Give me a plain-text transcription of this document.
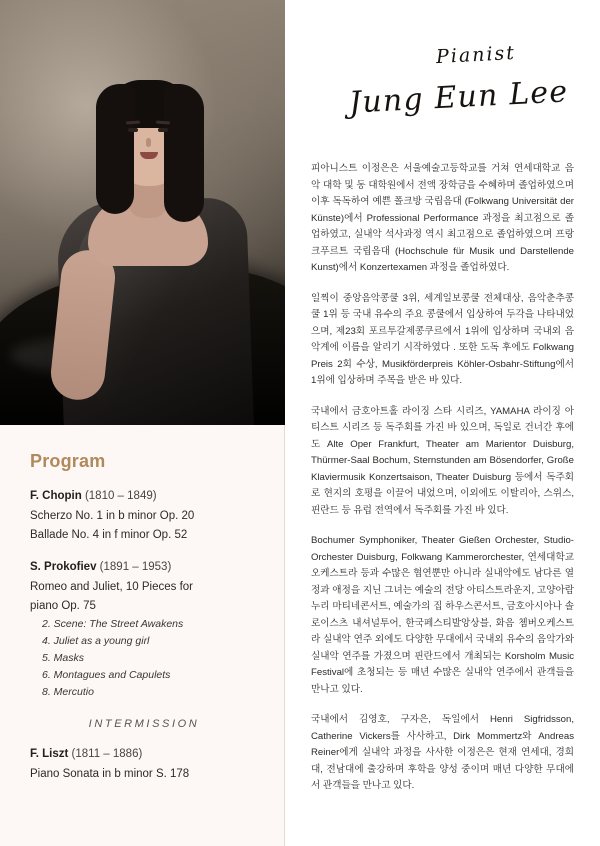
Program
F. Chopin (1810 – 1849)
Scherzo No. 1 in b minor Op. 20
Ballade No. 4 in f minor Op. 52
S. Prokofiev (1891 – 1953)
Romeo and Juliet, 10 Pieces for
piano Op. 75
2. Scene: The Street Awakens
4. Juliet as a young girl
5. Masks
6. Montagues and Capulets
8. Mercutio
INTERMISSION
F. Liszt (1811 – 1886)
Piano Sonata in b minor S. 178
Pianist
Jung Eun Lee

피아니스트 이정은은 서울예술고등학교를 거쳐 연세대학교 음악 대학 및 동 대학원에서 전액 장학금을 수혜하며 졸업하였으며 이후 독독하여 예쁜 폴크방 국립음대 (Folkwang Universität der Künste)에서 Professional Performance 과정을 최고점으로 졸업하였고, 실내악 석사과정 역시 최고점으로 졸업하였으며 프랑크푸르트 국립음대 (Hochschule für Musik und Darstellende Kunst)에서 Konzertexamen 과정을 졸업하였다.

일찍이 중앙음악콩쿨 3위, 세계일보콩쿨 전체대상, 음악춘추콩쿨 1위 등 국내 유수의 주요 콩쿨에서 입상하여 두각을 나타내었으며, 제23회 포르투갈제콩쿠르에서 1위에 입상하며 국내외 음악계에 이름을 알리기 시작하였다 . 또한 도독 후에도 Folkwang Preis 2회 수상, Musikförderpreis Köhler-Osbahr-Stiftung에서 1위에 입상하며 주목을 받은 바 있다.

국내에서 금호아트홀 라이징 스타 시리즈, YAMAHA 라이징 아티스트 시리즈 등 독주회를 가진 바 있으며, 독일로 건너간 후에도 Alte Oper Frankfurt, Theater am Marientor Duisburg, Thürmer-Saal Bochum, Sternstunden am Bösendorfer, Große Klaviermusik Konzertsaison, Theater Duisburg 등에서 독주회로 현지의 호평을 이끌어 내었으며, 이외에도 이탈리아, 스위스, 핀란드 등 유럽 전역에서 독주회를 가진 바 있다.

Bochumer Symphoniker, Theater Gießen Orchester, Studio-Orchester Duisburg, Folkwang Kammerorchester, 연세대학교오케스트라 등과 수많은 협연뿐만 아니라 실내악에도 남다른 열정과 애정을 지닌 그녀는 예술의 전당 아티스트라운지, 고양아람누리 마티네콘서트, 예술가의 집 하우스콘서트, 금호아시아나 솔로이스츠 내셔널투어, 한국페스티발앙상블, 화음 쳄버오케스트라 실내악 연주 외에도 다양한 무대에서 국내외 유수의 음악가와 실내악 연주를 가졌으며 핀란드에서 개최되는 Korsholm Music Festival에 초청되는 등 매년 수많은 실내악 연주에서 관객들을 만나고 있다.

국내에서 김영호, 구자은, 독일에서 Henri Sigfridsson, Catherine Vickers를 사사하고, Dirk Mommertz와 Andreas Reiner에게 실내악 과정을 사사한 이정은은 현재 연세대, 경희대, 전남대에 출강하며 후학을 양성 중이며 매년 다양한 무대에서 관객들을 만나고 있다.
